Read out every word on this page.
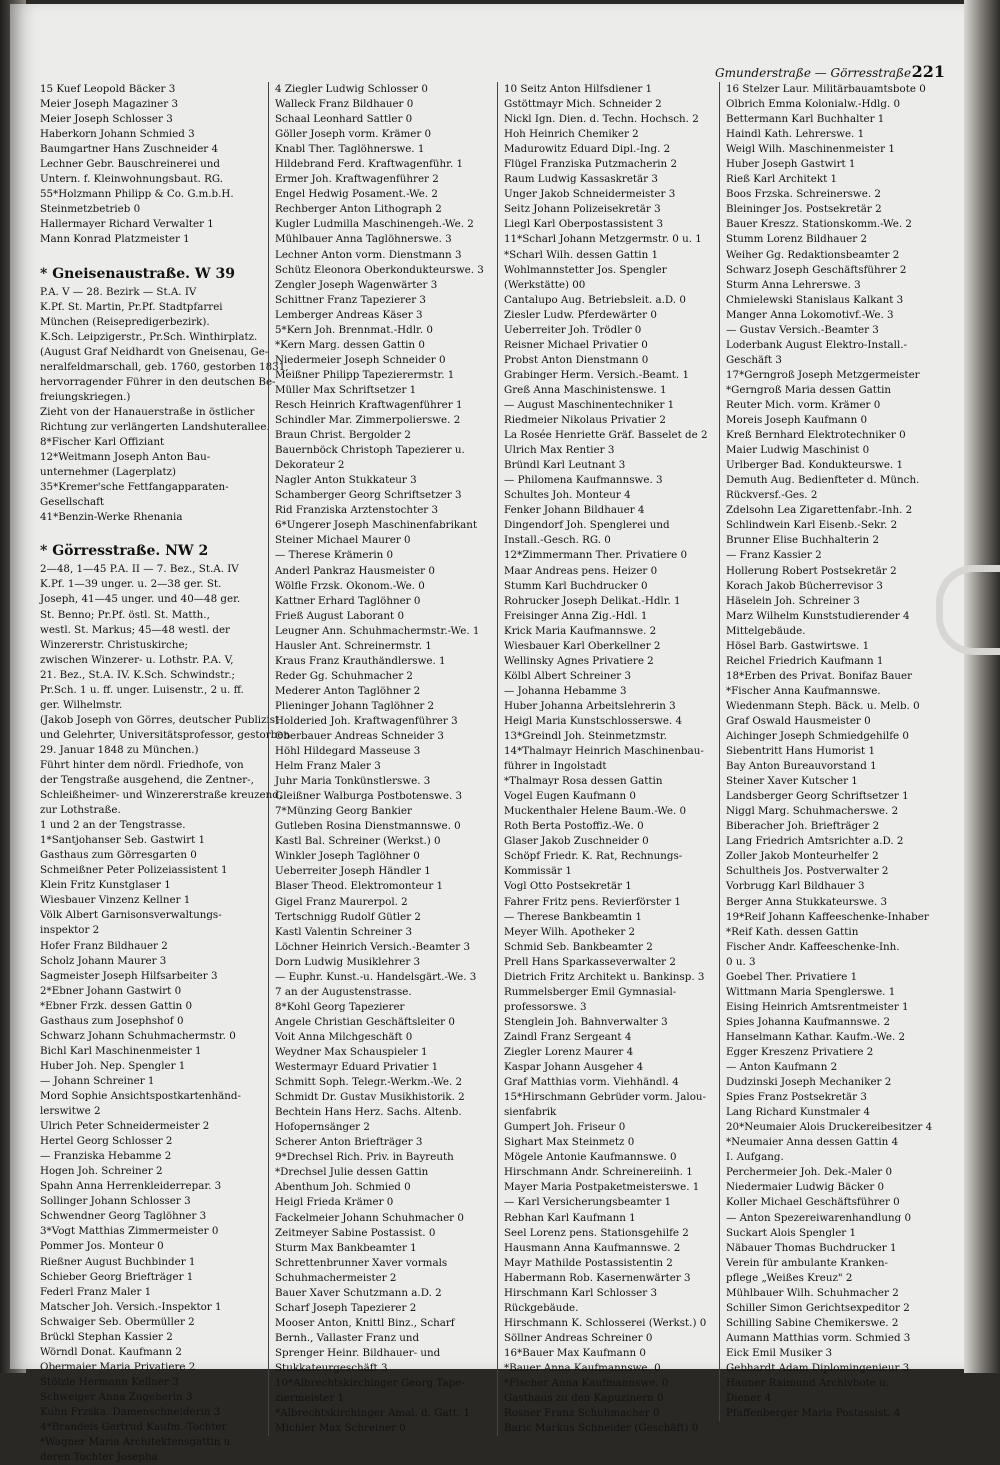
Gmunderstraße — Görresstraße 221
15 Kuef Leopold Bäcker 3
Meier Joseph Magaziner 3
Meier Joseph Schlosser 3
Haberkorn Johann Schmied 3
Baumgartner Hans Zuschneider 4
Lechner Gebr. Bauschreinerei und
Untern. f. Kleinwohnungsbaut. RG.
55*Holzmann Philipp & Co. G.m.b.H.
Steinmetzbetrieb 0
Hallermayer Richard Verwalter 1
Mann Konrad Platzmeister 1
* Gneisenaustraße. W 39
P.A. V — 28. Bezirk — St.A. IV
K.Pf. St. Martin, Pr.Pf. Stadtpfarrei
München (Reisepredigerbezirk).
K.Sch. Leipzigerstr., Pr.Sch. Winthirplatz.
(August Graf Neidhardt von Gneisenau, Ge-
neralfeldmarschall, geb. 1760, gestorben 1831,
hervorragender Führer in den deutschen Be-
freiungskriegen.)
Zieht von der Hanauerstraße in östlicher
Richtung zur verlängerten Landshuterallee.
8*Fischer Karl Offiziant
12*Weitmann Joseph Anton Bau-
unternehmer (Lagerplatz)
35*Kremer'sche Fettfangapparaten-
Gesellschaft
41*Benzin-Werke Rhenania
* Görresstraße. NW 2
2—48, 1—45 P.A. II — 7. Bez., St.A. IV
K.Pf. 1—39 unger. u. 2—38 ger. St.
Joseph, 41—45 unger. und 40—48 ger.
St. Benno; Pr.Pf. östl. St. Matth.,
westl. St. Markus; 45—48 westl. der
Winzererstr. Christuskirche;
zwischen Winzerer- u. Lothstr. P.A. V,
21. Bez., St.A. IV. K.Sch. Schwindstr.;
Pr.Sch. 1 u. ff. unger. Luisenstr., 2 u. ff.
ger. Wilhelmstr.
(Jakob Joseph von Görres, deutscher Publizist
und Gelehrter, Universitätsprofessor, gestorben
29. Januar 1848 zu München.)
Führt hinter dem nördl. Friedhofe, von
der Tengstraße ausgehend, die Zentner-,
Schleißheimer- und Winzererstraße kreuzend,
zur Lothstraße.
1 und 2 an der Tengstrasse.
1*Santjohanser Seb. Gastwirt 1
Gasthaus zum Görresgarten 0
Schmeißner Peter Polizeiassistent 1
Klein Fritz Kunstglaser 1
Wiesbauer Vinzenz Kellner 1
Völk Albert Garnisonsverwaltungs-
inspektor 2
Hofer Franz Bildhauer 2
Scholz Johann Maurer 3
Sagmeister Joseph Hilfsarbeiter 3
2*Ebner Johann Gastwirt 0
*Ebner Frzk. dessen Gattin 0
Gasthaus zum Josephshof 0
Schwarz Johann Schuhmachermstr. 0
Bichl Karl Maschinenmeister 1
Huber Joh. Nep. Spengler 1
— Johann Schreiner 1
Mord Sophie Ansichtspostkartenhänd-
lerswitwe 2
Ulrich Peter Schneidermeister 2
Hertel Georg Schlosser 2
— Franziska Hebamme 2
Hogen Joh. Schreiner 2
Spahn Anna Herrenkleiderrepar. 3
Sollinger Johann Schlosser 3
Schwendner Georg Taglöhner 3
3*Vogt Matthias Zimmermeister 0
Pommer Jos. Monteur 0
Rießner August Buchbinder 1
Schieber Georg Briefträger 1
Federl Franz Maler 1
Matscher Joh. Versich.-Inspektor 1
Schwaiger Seb. Obermüller 2
Brückl Stephan Kassier 2
Wörndl Donat. Kaufmann 2
Obermaier Maria Privatiere 2
Stölzle Hermann Kellner 3
Schweiger Anna Zugeherin 3
Kuhn Frzska. Damenschneiderin 3
4*Brandeis Gertrud Kaufm.-Tochter
*Wagner Maria Architektensgattin u.
deren Tochter Josepha
4 Ziegler Ludwig Schlosser 0
Walleck Franz Bildhauer 0
Schaal Leonhard Sattler 0
Göller Joseph vorm. Krämer 0
Knabl Ther. Taglöhnerswe. 1
Hildebrand Ferd. Kraftwagenführ. 1
Ermer Joh. Kraftwagenführer 2
Engel Hedwig Posament.-We. 2
Rechberger Anton Lithograph 2
Kugler Ludmilla Maschinengeh.-We. 2
Mühlbauer Anna Taglöhnerswe. 3
Lechner Anton vorm. Dienstmann 3
Schütz Eleonora Oberkondukteurswe. 3
Zengler Joseph Wagenwärter 3
Schittner Franz Tapezierer 3
Lemberger Andreas Käser 3
5*Kern Joh. Brennmat.-Hdlr. 0
*Kern Marg. dessen Gattin 0
Niedermeier Joseph Schneider 0
Meißner Philipp Tapezierermstr. 1
Müller Max Schriftsetzer 1
Resch Heinrich Kraftwagenführer 1
Schindler Mar. Zimmerpolierswe. 2
Braun Christ. Bergolder 2
Bauernböck Christoph Tapezierer u.
Dekorateur 2
Nagler Anton Stukkateur 3
Schamberger Georg Schriftsetzer 3
Rid Franziska Arztenstochter 3
6*Ungerer Joseph Maschinenfabrikant
Steiner Michael Maurer 0
— Therese Krämerin 0
Anderl Pankraz Hausmeister 0
Wölfle Frzsk. Okonom.-We. 0
Kattner Erhard Taglöhner 0
Frieß August Laborant 0
Leugner Ann. Schuhmachermstr.-We. 1
Hausler Ant. Schreinermstr. 1
Kraus Franz Krauthändlerswe. 1
Reder Gg. Schuhmacher 2
Mederer Anton Taglöhner 2
Plieninger Johann Taglöhner 2
Holderied Joh. Kraftwagenführer 3
Oberbauer Andreas Schneider 3
Höhl Hildegard Masseuse 3
Helm Franz Maler 3
Juhr Maria Tonkünstlerswe. 3
Gleißner Walburga Postbotenswe. 3
7*Münzing Georg Bankier
Gutleben Rosina Dienstmannswe. 0
Kastl Bal. Schreiner (Werkst.) 0
Winkler Joseph Taglöhner 0
Ueberreiter Joseph Händler 1
Blaser Theod. Elektromonteur 1
Gigel Franz Maurerpol. 2
Tertschnigg Rudolf Gütler 2
Kastl Valentin Schreiner 3
Löchner Heinrich Versich.-Beamter 3
Dorn Ludwig Musiklehrer 3
— Euphr. Kunst.-u. Handelsgärt.-We. 3
7 an der Augustenstrasse.
8*Kohl Georg Tapezierer
Angele Christian Geschäftsleiter 0
Voit Anna Milchgeschäft 0
Weydner Max Schauspieler 1
Westermayr Eduard Privatier 1
Schmitt Soph. Telegr.-Werkm.-We. 2
Schmidt Dr. Gustav Musikhistorik. 2
Bechtein Hans Herz. Sachs. Altenb.
Hofopernsänger 2
Scherer Anton Briefträger 3
9*Drechsel Rich. Priv. in Bayreuth
*Drechsel Julie dessen Gattin
Abenthum Joh. Schmied 0
Heigl Frieda Krämer 0
Fackelmeier Johann Schuhmacher 0
Zeitmeyer Sabine Postassist. 0
Sturm Max Bankbeamter 1
Schrettenbrunner Xaver vormals
Schuhmachermeister 2
Bauer Xaver Schutzmann a.D. 2
Scharf Joseph Tapezierer 2
Mooser Anton, Knittl Binz., Scharf
Bernh., Vallaster Franz und
Sprenger Heinr. Bildhauer- und
Stukkateurgeschäft 3
10*Albrechtskirchinger Georg Tape-
ziermeister 1
*Albrechtskirchinger Amal. d. Gatt. 1
Michler Max Schreiner 0
10 Seitz Anton Hilfsdiener 1
Gstöttmayr Mich. Schneider 2
Nickl Ign. Dien. d. Techn. Hochsch. 2
Hoh Heinrich Chemiker 2
Madurowitz Eduard Dipl.-Ing. 2
Flügel Franziska Putzmacherin 2
Raum Ludwig Kassaskretär 3
Unger Jakob Schneidermeister 3
Seitz Johann Polizeisekretär 3
Liegl Karl Oberpostassistent 3
11*Scharl Johann Metzgermstr. 0 u. 1
*Scharl Wilh. dessen Gattin 1
Wohlmannstetter Jos. Spengler
(Werkstätte) 00
Cantalupo Aug. Betriebsleit. a.D. 0
Ziesler Ludw. Pferdewärter 0
Ueberreiter Joh. Trödler 0
Reisner Michael Privatier 0
Probst Anton Dienstmann 0
Grabinger Herm. Versich.-Beamt. 1
Greß Anna Maschinistenswe. 1
— August Maschinentechniker 1
Riedmeier Nikolaus Privatier 2
La Rosée Henriette Gräf. Basselet de 2
Ulrich Max Rentier 3
Bründl Karl Leutnant 3
— Philomena Kaufmannswe. 3
Schultes Joh. Monteur 4
Fenker Johann Bildhauer 4
Dingendorf Joh. Spenglerei und
Install.-Gesch. RG. 0
12*Zimmermann Ther. Privatiere 0
Maar Andreas pens. Heizer 0
Stumm Karl Buchdrucker 0
Rohrucker Joseph Delikat.-Hdlr. 1
Freisinger Anna Zig.-Hdl. 1
Krick Maria Kaufmannswe. 2
Wiesbauer Karl Oberkellner 2
Wellinsky Agnes Privatiere 2
Kölbl Albert Schreiner 3
— Johanna Hebamme 3
Huber Johanna Arbeitslehrerin 3
Heigl Maria Kunstschlosserswe. 4
13*Greindl Joh. Steinmetzmstr.
14*Thalmayr Heinrich Maschinenbau-
führer in Ingolstadt
*Thalmayr Rosa dessen Gattin
Vogel Eugen Kaufmann 0
Muckenthaler Helene Baum.-We. 0
Roth Berta Postoffiz.-We. 0
Glaser Jakob Zuschneider 0
Schöpf Friedr. K. Rat, Rechnungs-
Kommissär 1
Vogl Otto Postsekretär 1
Fahrer Fritz pens. Revierförster 1
— Therese Bankbeamtin 1
Meyer Wilh. Apotheker 2
Schmid Seb. Bankbeamter 2
Prell Hans Sparkasseverwalter 2
Dietrich Fritz Architekt u. Bankinsp. 3
Rummelsberger Emil Gymnasial-
professorswe. 3
Stenglein Joh. Bahnverwalter 3
Zaindl Franz Sergeant 4
Ziegler Lorenz Maurer 4
Kaspar Johann Ausgeher 4
Graf Matthias vorm. Viehhändl. 4
15*Hirschmann Gebrüder vorm. Jalou-
sienfabrik
Gumpert Joh. Friseur 0
Sighart Max Steinmetz 0
Mögele Antonie Kaufmannswe. 0
Hirschmann Andr. Schreinereiinh. 1
Mayer Maria Postpaketmeisterswe. 1
— Karl Versicherungsbeamter 1
Rebhan Karl Kaufmann 1
Seel Lorenz pens. Stationsgehilfe 2
Hausmann Anna Kaufmannswe. 2
Mayr Mathilde Postassistentin 2
Habermann Rob. Kasernenwärter 3
Hirschmann Karl Schlosser 3
Rückgebäude.
Hirschmann K. Schlosserei (Werkst.) 0
Söllner Andreas Schreiner 0
16*Bauer Max Kaufmann 0
*Bauer Anna Kaufmannswe. 0
*Fischer Anna Kaufmannswe. 0
Gasthaus zu den Kapuzinern 0
Rosner Franz Schuhmacher 0
Baric Markus Schneider (Geschäft) 0
16 Stelzer Laur. Militärbauamtsbote 0
Olbrich Emma Kolonialw.-Hdlg. 0
Bettermann Karl Buchhalter 1
Haindl Kath. Lehrerswe. 1
Weigl Wilh. Maschinenmeister 1
Huber Joseph Gastwirt 1
Rieß Karl Architekt 1
Boos Frzska. Schreinerswe. 2
Bleininger Jos. Postsekretär 2
Bauer Kreszz. Stationskomm.-We. 2
Stumm Lorenz Bildhauer 2
Weiher Gg. Redaktionsbeamter 2
Schwarz Joseph Geschäftsführer 2
Sturm Anna Lehrerswe. 3
Chmielewski Stanislaus Kalkant 3
Manger Anna Lokomotivf.-We. 3
— Gustav Versich.-Beamter 3
Loderbank August Elektro-Install.-
Geschäft 3
17*Gerngroß Joseph Metzgermeister
*Gerngroß Maria dessen Gattin
Reuter Mich. vorm. Krämer 0
Moreis Joseph Kaufmann 0
Kreß Bernhard Elektrotechniker 0
Maier Ludwig Maschinist 0
Urlberger Bad. Kondukteurswe. 1
Demuth Aug. Bedienfteter d. Münch.
Rückversf.-Ges. 2
Zdelsohn Lea Zigarettenfabr.-Inh. 2
Schlindwein Karl Eisenb.-Sekr. 2
Brunner Elise Buchhalterin 2
— Franz Kassier 2
Hollerung Robert Postsekretär 2
Korach Jakob Bücherrevisor 3
Häselein Joh. Schreiner 3
Marz Wilhelm Kunststudierender 4
Mittelgebäude.
Hösel Barb. Gastwirtswe. 1
Reichel Friedrich Kaufmann 1
18*Erben des Privat. Bonifaz Bauer
*Fischer Anna Kaufmannswe.
Wiedenmann Steph. Bäck. u. Melb. 0
Graf Oswald Hausmeister 0
Aichinger Joseph Schmiedgehilfe 0
Siebentritt Hans Humorist 1
Bay Anton Bureauvorstand 1
Steiner Xaver Kutscher 1
Landsberger Georg Schriftsetzer 1
Niggl Marg. Schuhmacherswe. 2
Biberacher Joh. Briefträger 2
Lang Friedrich Amtsrichter a.D. 2
Zoller Jakob Monteurhelfer 2
Schultheis Jos. Postverwalter 2
Vorbrugg Karl Bildhauer 3
Berger Anna Stukkateurswe. 3
19*Reif Johann Kaffeeschenke-Inhaber
*Reif Kath. dessen Gattin
Fischer Andr. Kaffeeschenke-Inh.
0 u. 3
Goebel Ther. Privatiere 1
Wittmann Maria Spenglerswe. 1
Eising Heinrich Amtsrentmeister 1
Spies Johanna Kaufmannswe. 2
Hanselmann Kathar. Kaufm.-We. 2
Egger Kreszenz Privatiere 2
— Anton Kaufmann 2
Dudzinski Joseph Mechaniker 2
Spies Franz Postsekretär 3
Lang Richard Kunstmaler 4
20*Neumaier Alois Druckereibesitzer 4
*Neumaier Anna dessen Gattin 4
I. Aufgang.
Perchermeier Joh. Dek.-Maler 0
Niedermaier Ludwig Bäcker 0
Koller Michael Geschäftsführer 0
— Anton Spezereiwarenhandlung 0
Suckart Alois Spengler 1
Näbauer Thomas Buchdrucker 1
Verein für ambulante Kranken-
pflege „Weißes Kreuz" 2
Mühlbauer Wilh. Schuhmacher 2
Schiller Simon Gerichtsexpeditor 2
Schilling Sabine Chemikerswe. 2
Aumann Matthias vorm. Schmied 3
Eick Emil Musiker 3
Gebhardt Adam Diplomingenieur 3
Hauner Raimund Archivbote u.
Diener 4
Pfaffenberger Maria Postassist. 4
